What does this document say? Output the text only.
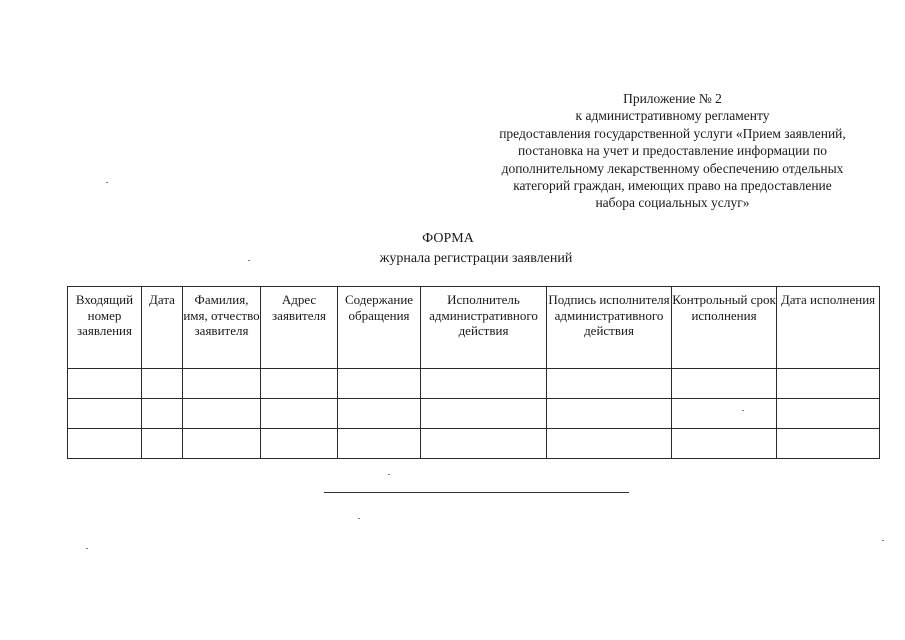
Приложение № 2
к административному регламенту
предоставления государственной услуги «Прием заявлений,
постановка на учет и предоставление информации по
дополнительному лекарственному обеспечению отдельных
категорий граждан, имеющих право на предоставление
набора социальных услуг»
ФОРМА
журнала регистрации заявлений
Входящий номер заявления	Дата	Фамилия, имя, отчество заявителя	Адрес заявителя	Содержание обращения	Исполнитель административного действия	Подпись исполнителя административного действия	Контрольный срок исполнения	Дата исполнения
